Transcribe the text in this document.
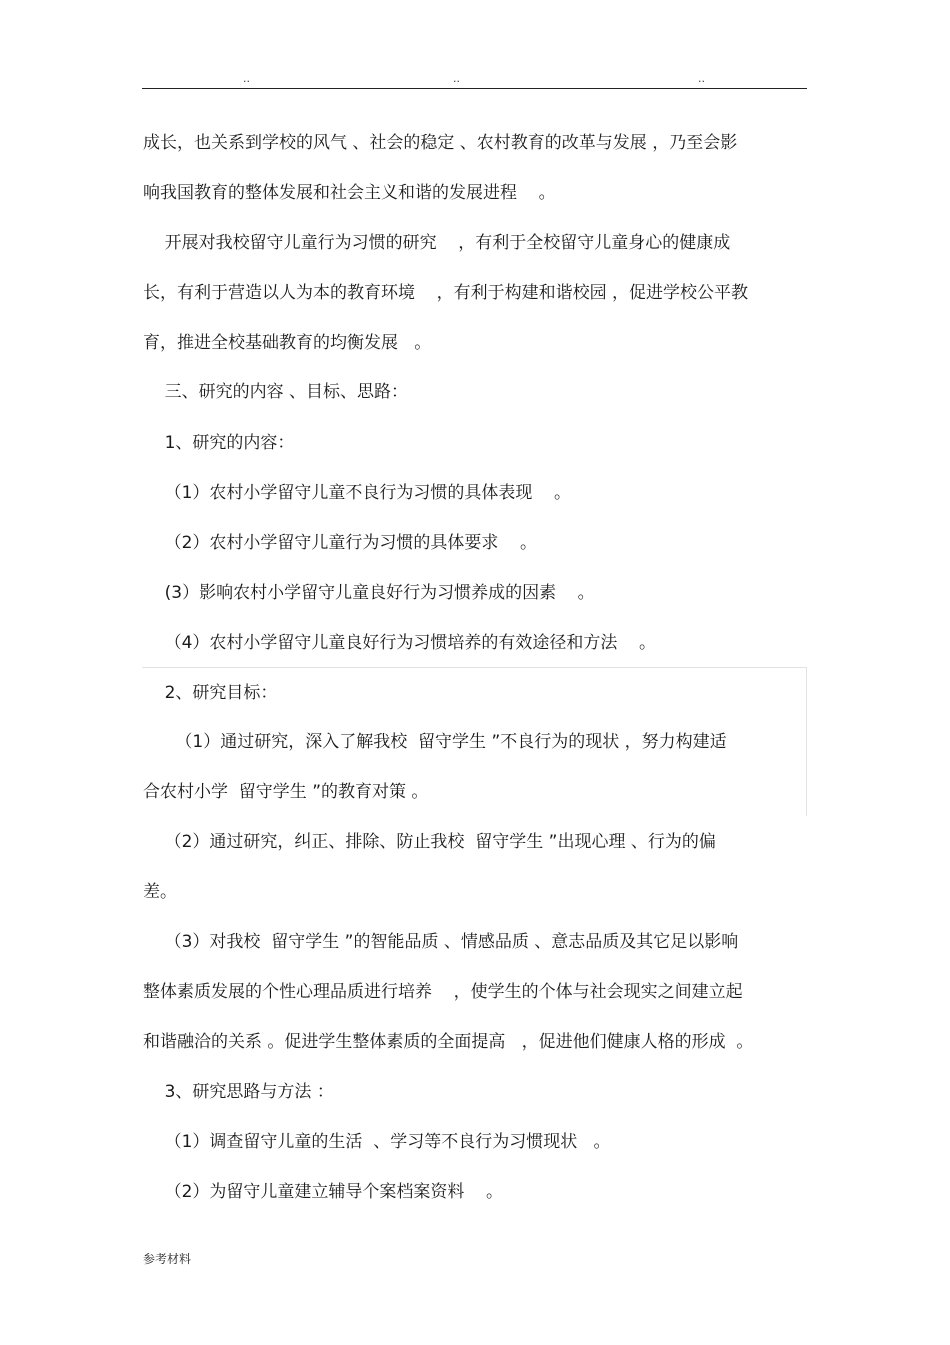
..	..	..
成长，也关系到学校的风气 、社会的稳定 、农村教育的改革与发展 ，乃至会影
响我国教育的整体发展和社会主义和谐的发展进程    。
开展对我校留守儿童行为习惯的研究    ，有利于全校留守儿童身心的健康成
长，有利于营造以人为本的教育环境    ，有利于构建和谐校园 ，促进学校公平教
育，推进全校基础教育的均衡发展   。
三、研究的内容 、目标、思路：
1、研究的内容：
（1）农村小学留守儿童不良行为习惯的具体表现    。
（2）农村小学留守儿童行为习惯的具体要求    。
(3）影响农村小学留守儿童良好行为习惯养成的因素    。
（4）农村小学留守儿童良好行为习惯培养的有效途径和方法    。
2、研究目标：
（1）通过研究，深入了解我校  留守学生 ”不良行为的现状 ，努力构建适
合农村小学  留守学生 ”的教育对策 。
（2）通过研究，纠正、排除、防止我校  留守学生 ”出现心理 、行为的偏
差。
（3）对我校  留守学生 ”的智能品质 、情感品质 、意志品质及其它足以影响
整体素质发展的个性心理品质进行培养    ，使学生的个体与社会现实之间建立起
和谐融洽的关系 。促进学生整体素质的全面提高   ，促进他们健康人格的形成  。
3、研究思路与方法 ：
（1）调查留守儿童的生活  、学习等不良行为习惯现状   。
（2）为留守儿童建立辅导个案档案资料    。
参考材料
